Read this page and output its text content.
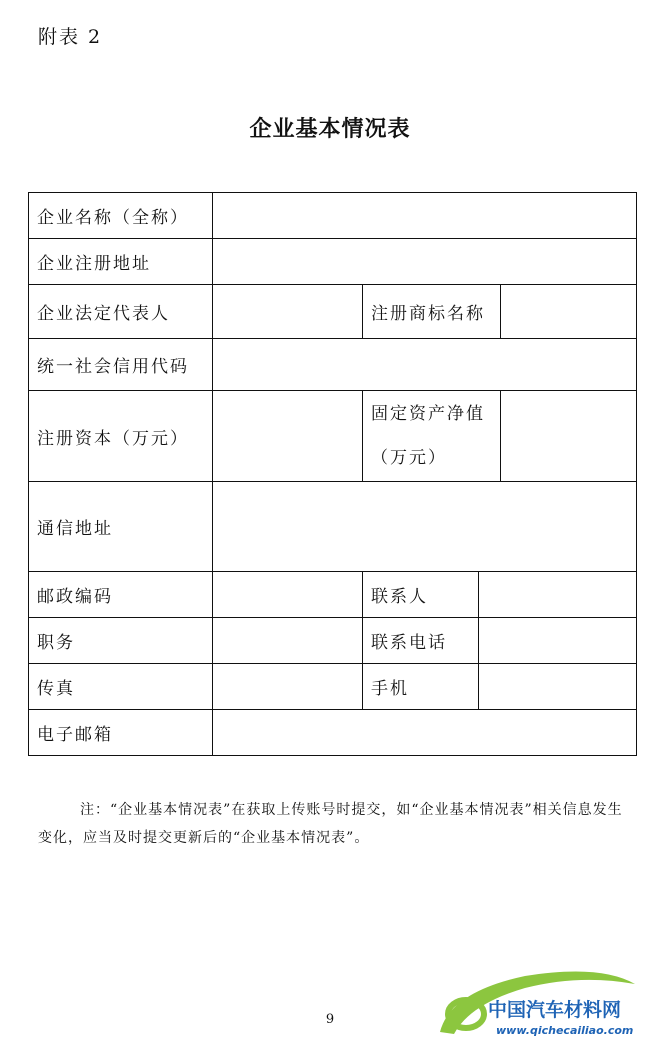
附表 2
企业基本情况表
企业名称（全称）				
企业注册地址				
企业法定代表人		注册商标名称		
统一社会信用代码				
注册资本（万元）		固定资产净值
（万元）		

通信地址				
邮政编码		联系人		
职务		联系电话		
传真		手机		
电子邮箱				
注：“企业基本情况表”在获取上传账号时提交，如“企业基本情况表”相关信息发生变化，应当及时提交更新后的“企业基本情况表”。
9	中国汽车材料网
www.qichecailiao.com
